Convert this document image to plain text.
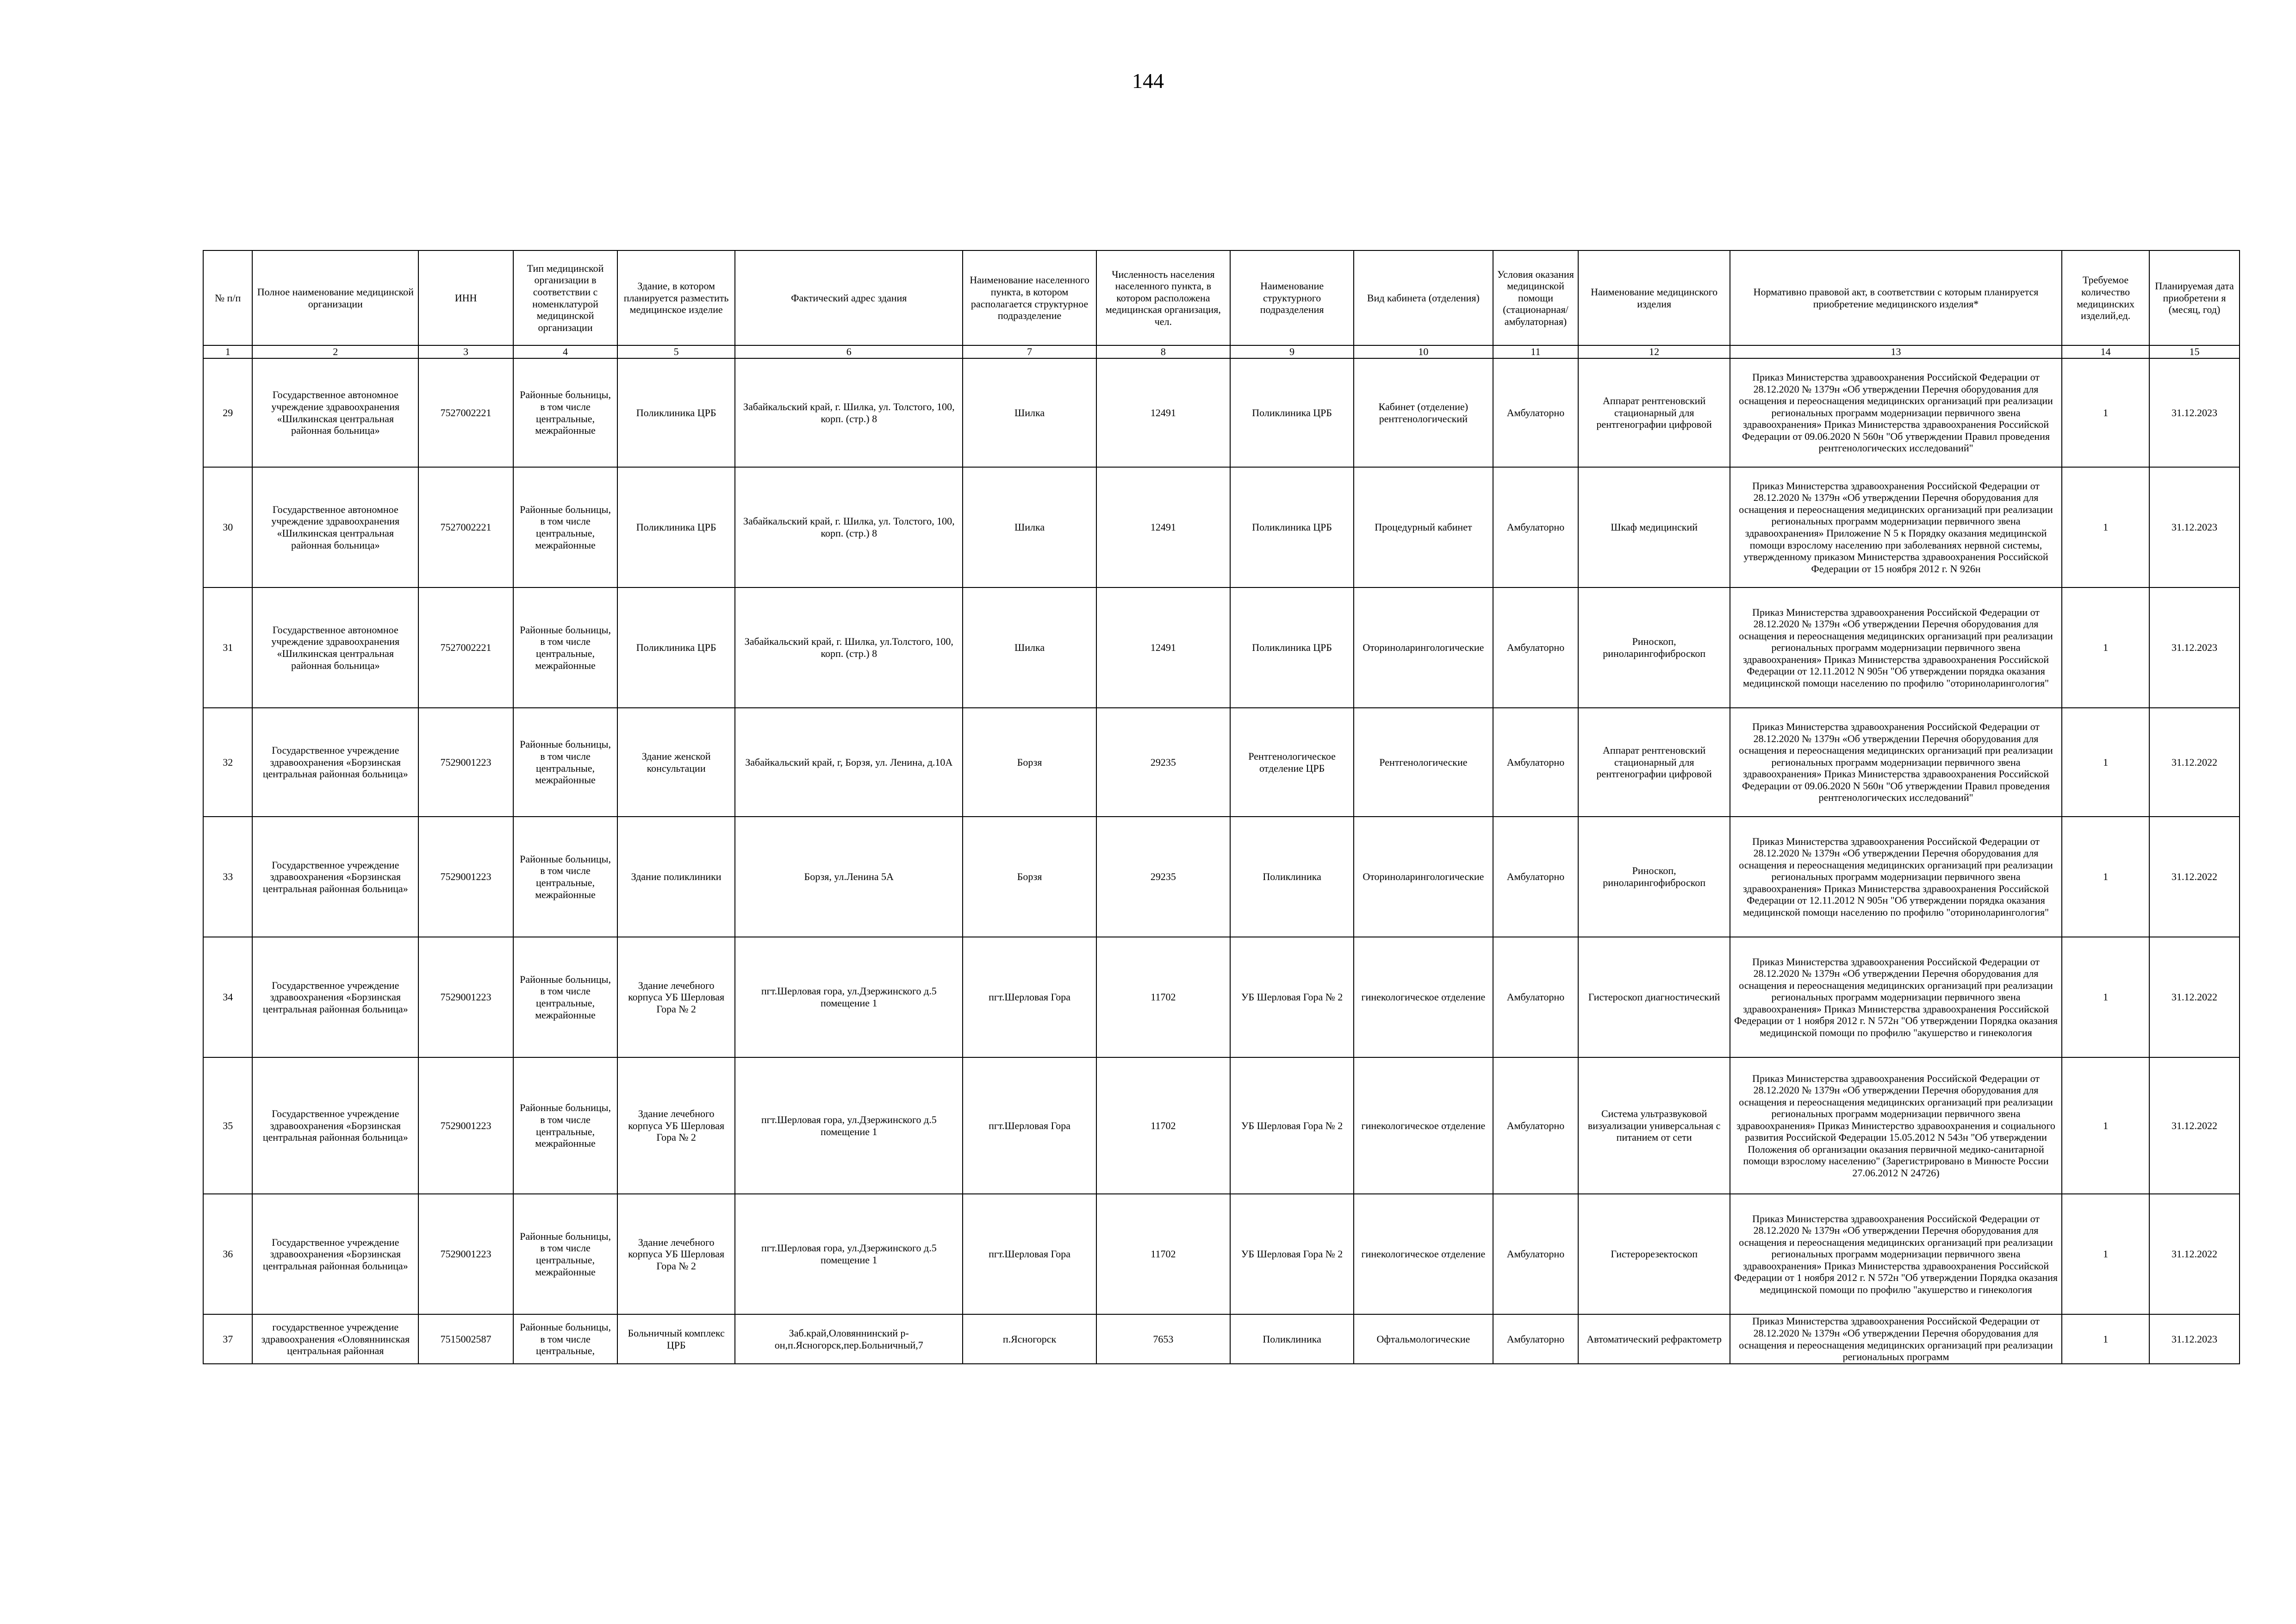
144
№ п/п	Полное наименование медицинской организации	ИНН	Тип медицинской организации в соответствии с номенклатурой медицинской организации	Здание, в котором планируется разместить медицинское изделие	Фактический адрес здания	Наименование населенного пункта, в котором располагается структурное подразделение	Численность населения населенного пункта, в котором расположена медицинская организация, чел.	Наименование структурного подразделения	Вид кабинета (отделения)	Условия оказания медицинской помощи (стационарная/ амбулаторная)	Наименование медицинского изделия	Нормативно правовой акт, в соответствии с которым планируется приобретение медицинского изделия*	Требуемое количество медицинских изделий,ед.	Планируемая дата приобретени я (месяц, год)
1	2	3	4	5	6	7	8	9	10	11	12	13	14	15
29	Государственное автономное учреждение здравоохранения «Шилкинская центральная районная больница»	7527002221	Районные больницы, в том числе центральные, межрайонные	Поликлиника ЦРБ	Забайкальский край, г. Шилка, ул. Толстого, 100, корп. (стр.) 8	Шилка	12491	Поликлиника ЦРБ	Кабинет (отделение) рентгенологический	Амбулаторно	Аппарат рентгеновский стационарный для рентгенографии цифровой	Приказ Министерства здравоохранения Российской Федерации от 28.12.2020 № 1379н «Об утверждении Перечня оборудования для оснащения и переоснащения медицинских организаций при реализации региональных программ модернизации первичного звена здравоохранения» Приказ Министерства здравоохранения Российской Федерации от 09.06.2020 N 560н "Об утверждении Правил проведения рентгенологических исследований"	1	31.12.2023
30	Государственное автономное учреждение здравоохранения «Шилкинская центральная районная больница»	7527002221	Районные больницы, в том числе центральные, межрайонные	Поликлиника ЦРБ	Забайкальский край, г. Шилка, ул. Толстого, 100, корп. (стр.) 8	Шилка	12491	Поликлиника ЦРБ	Процедурный кабинет	Амбулаторно	Шкаф медицинский	Приказ Министерства здравоохранения Российской Федерации от 28.12.2020 № 1379н «Об утверждении Перечня оборудования для оснащения и переоснащения медицинских организаций при реализации региональных программ модернизации первичного звена здравоохранения» Приложение N 5 к Порядку оказания медицинской помощи взрослому населению при заболеваниях нервной системы, утвержденному приказом Министерства здравоохранения Российской Федерации от 15 ноября 2012 г. N 926н	1	31.12.2023
31	Государственное автономное учреждение здравоохранения «Шилкинская центральная районная больница»	7527002221	Районные больницы, в том числе центральные, межрайонные	Поликлиника ЦРБ	Забайкальский край, г. Шилка, ул.Толстого, 100, корп. (стр.) 8	Шилка	12491	Поликлиника ЦРБ	Оториноларингологические	Амбулаторно	Риноскоп, риноларингофиброскоп	Приказ Министерства здравоохранения Российской Федерации от 28.12.2020 № 1379н «Об утверждении Перечня оборудования для оснащения и переоснащения медицинских организаций при реализации региональных программ модернизации первичного звена здравоохранения» Приказ Министерства здравоохранения Российской Федерации от 12.11.2012 N 905н "Об утверждении порядка оказания медицинской помощи населению по профилю "оториноларингология"	1	31.12.2023
32	Государственное учреждение здравоохранения «Борзинская центральная районная больница»	7529001223	Районные больницы, в том числе центральные, межрайонные	Здание женской консультации	Забайкальский край, г, Борзя, ул. Ленина, д.10А	Борзя	29235	Рентгенологическое отделение ЦРБ	Рентгенологические	Амбулаторно	Аппарат рентгеновский стационарный для рентгенографии цифровой	Приказ Министерства здравоохранения Российской Федерации от 28.12.2020 № 1379н «Об утверждении Перечня оборудования для оснащения и переоснащения медицинских организаций при реализации региональных программ модернизации первичного звена здравоохранения» Приказ Министерства здравоохранения Российской Федерации от 09.06.2020 N 560н "Об утверждении Правил проведения рентгенологических исследований"	1	31.12.2022
33	Государственное учреждение здравоохранения «Борзинская центральная районная больница»	7529001223	Районные больницы, в том числе центральные, межрайонные	Здание поликлиники	Борзя, ул.Ленина 5А	Борзя	29235	Поликлиника	Оториноларингологические	Амбулаторно	Риноскоп, риноларингофиброскоп	Приказ Министерства здравоохранения Российской Федерации от 28.12.2020 № 1379н «Об утверждении Перечня оборудования для оснащения и переоснащения медицинских организаций при реализации региональных программ модернизации первичного звена здравоохранения» Приказ Министерства здравоохранения Российской Федерации от 12.11.2012 N 905н "Об утверждении порядка оказания медицинской помощи населению по профилю "оториноларингология"	1	31.12.2022
34	Государственное учреждение здравоохранения «Борзинская центральная районная больница»	7529001223	Районные больницы, в том числе центральные, межрайонные	Здание лечебного корпуса УБ Шерловая Гора № 2	пгт.Шерловая гора, ул.Дзержинского д.5 помещение 1	пгт.Шерловая Гора	11702	УБ Шерловая Гора № 2	гинекологическое отделение	Амбулаторно	Гистероскоп диагностический	Приказ Министерства здравоохранения Российской Федерации от 28.12.2020 № 1379н «Об утверждении Перечня оборудования для оснащения и переоснащения медицинских организаций при реализации региональных программ модернизации первичного звена здравоохранения» Приказ Министерства здравоохранения Российской Федерации от 1 ноября 2012 г. N 572н "Об утверждении Порядка оказания медицинской помощи по профилю "акушерство и гинекология	1	31.12.2022
35	Государственное учреждение здравоохранения «Борзинская центральная районная больница»	7529001223	Районные больницы, в том числе центральные, межрайонные	Здание лечебного корпуса УБ Шерловая Гора № 2	пгт.Шерловая гора, ул.Дзержинского д.5 помещение 1	пгт.Шерловая Гора	11702	УБ Шерловая Гора № 2	гинекологическое отделение	Амбулаторно	Система ультразвуковой визуализации универсальная с питанием от сети	Приказ Министерства здравоохранения Российской Федерации от 28.12.2020 № 1379н «Об утверждении Перечня оборудования для оснащения и переоснащения медицинских организаций при реализации региональных программ модернизации первичного звена здравоохранения» Приказ Министерство здравоохранения и социального развития Российской Федерации 15.05.2012 N 543н "Об утверждении Положения об организации оказания первичной медико-санитарной помощи взрослому населению" (Зарегистрировано в Минюсте России 27.06.2012 N 24726)	1	31.12.2022
36	Государственное учреждение здравоохранения «Борзинская центральная районная больница»	7529001223	Районные больницы, в том числе центральные, межрайонные	Здание лечебного корпуса УБ Шерловая Гора № 2	пгт.Шерловая гора, ул.Дзержинского д.5 помещение 1	пгт.Шерловая Гора	11702	УБ Шерловая Гора № 2	гинекологическое отделение	Амбулаторно	Гистерорезектоскоп	Приказ Министерства здравоохранения Российской Федерации от 28.12.2020 № 1379н «Об утверждении Перечня оборудования для оснащения и переоснащения медицинских организаций при реализации региональных программ модернизации первичного звена здравоохранения» Приказ Министерства здравоохранения Российской Федерации от 1 ноября 2012 г. N 572н "Об утверждении Порядка оказания медицинской помощи по профилю "акушерство и гинекология	1	31.12.2022
37	государственное учреждение здравоохранения «Оловяннинская центральная районная	7515002587	Районные больницы, в том числе центральные,	Больничный комплекс ЦРБ	Заб.край,Оловяннинский р-он,п.Ясногорск,пер.Больничный,7	п.Ясногорск	7653	Поликлиника	Офтальмологические	Амбулаторно	Автоматический рефрактометр	Приказ Министерства здравоохранения Российской Федерации от 28.12.2020 № 1379н «Об утверждении Перечня оборудования для оснащения и переоснащения медицинских организаций при реализации региональных программ	1	31.12.2023
